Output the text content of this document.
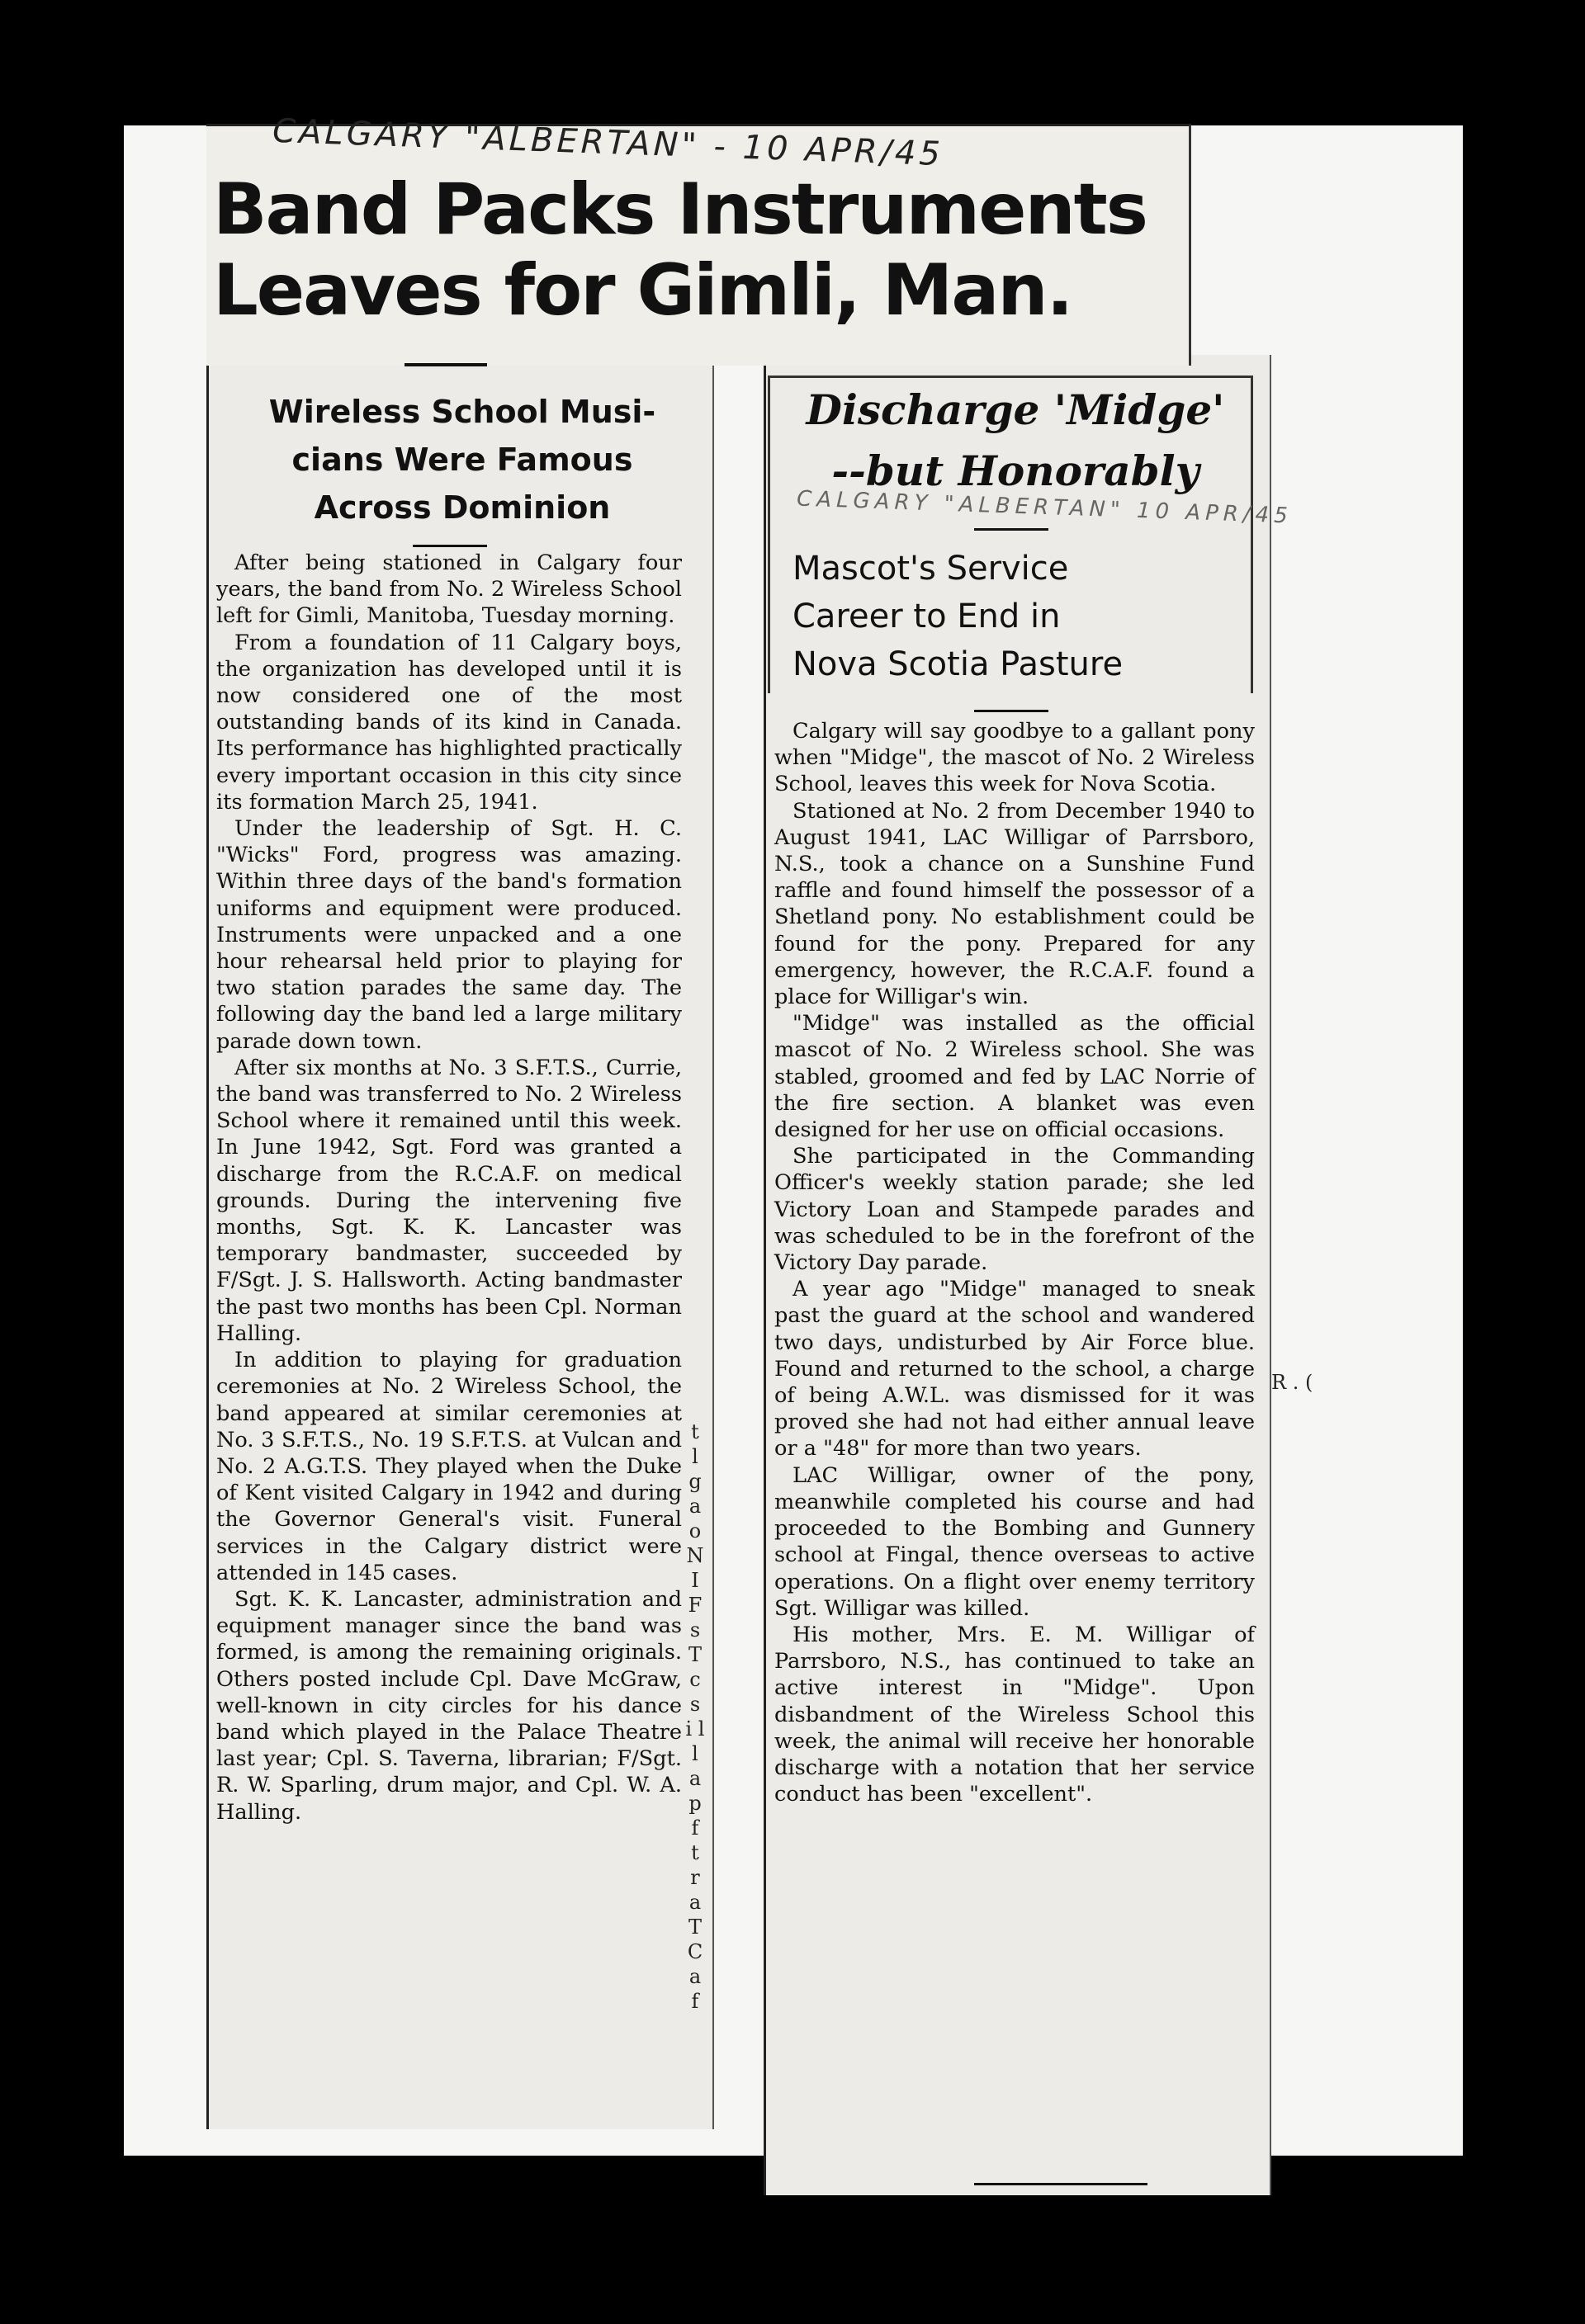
CALGARY "ALBERTAN" - 10 APR/45
Band Packs Instruments
Leaves for Gimli, Man.
Wireless School Musi-
cians Were Famous
Across Dominion

After being stationed in Calgary four years, the band from No. 2 Wireless School left for Gimli, Manitoba, Tuesday morning.

From a foundation of 11 Calgary boys, the organization has developed until it is now considered one of the most outstanding bands of its kind in Canada. Its performance has highlighted practically every important occasion in this city since its formation March 25, 1941.

Under the leadership of Sgt. H. C. "Wicks" Ford, progress was amazing. Within three days of the band's formation uniforms and equipment were produced. Instruments were unpacked and a one hour rehearsal held prior to playing for two station parades the same day. The following day the band led a large military parade down town.

After six months at No. 3 S.F.T.S., Currie, the band was transferred to No. 2 Wireless School where it remained until this week. In June 1942, Sgt. Ford was granted a discharge from the R.C.A.F. on medical grounds. During the intervening five months, Sgt. K. K. Lancaster was temporary bandmaster, succeeded by F/Sgt. J. S. Hallsworth. Acting bandmaster the past two months has been Cpl. Norman Halling.

In addition to playing for graduation ceremonies at No. 2 Wireless School, the band appeared at similar ceremonies at No. 3 S.F.T.S., No. 19 S.F.T.S. at Vulcan and No. 2 A.G.T.S. They played when the Duke of Kent visited Calgary in 1942 and during the Governor General's visit. Funeral services in the Calgary district were attended in 145 cases.

Sgt. K. K. Lancaster, administration and equipment manager since the band was formed, is among the remaining originals. Others posted include Cpl. Dave McGraw, well-known in city circles for his dance band which played in the Palace Theatre last year; Cpl. S. Taverna, librarian; F/Sgt. R. W. Sparling, drum major, and Cpl. W. A. Halling.

Discharge 'Midge'
--but Honorably
CALGARY "ALBERTAN" 10 APR/45
Mascot's Service
Career to End in
Nova Scotia Pasture

Calgary will say goodbye to a gallant pony when "Midge", the mascot of No. 2 Wireless School, leaves this week for Nova Scotia.

Stationed at No. 2 from December 1940 to August 1941, LAC Willigar of Parrsboro, N.S., took a chance on a Sunshine Fund raffle and found himself the possessor of a Shetland pony. No establishment could be found for the pony. Prepared for any emergency, however, the R.C.A.F. found a place for Willigar's win.

"Midge" was installed as the official mascot of No. 2 Wireless school. She was stabled, groomed and fed by LAC Norrie of the fire section. A blanket was even designed for her use on official occasions.

She participated in the Commanding Officer's weekly station parade; she led Victory Loan and Stampede parades and was scheduled to be in the forefront of the Victory Day parade.

A year ago "Midge" managed to sneak past the guard at the school and wandered two days, undisturbed by Air Force blue. Found and returned to the school, a charge of being A.W.L. was dismissed for it was proved she had not had either annual leave or a "48" for more than two years.

LAC Willigar, owner of the pony, meanwhile completed his course and had proceeded to the Bombing and Gunnery school at Fingal, thence overseas to active operations. On a flight over enemy territory Sgt. Willigar was killed.

His mother, Mrs. E. M. Willigar of Parrsboro, N.S., has continued to take an active interest in "Midge". Upon disbandment of the Wireless School this week, the animal will receive her honorable discharge with a notation that her service conduct has been "excellent".

t l g a o N I F s T c s i l l a p f t r a T C a f
R . (
